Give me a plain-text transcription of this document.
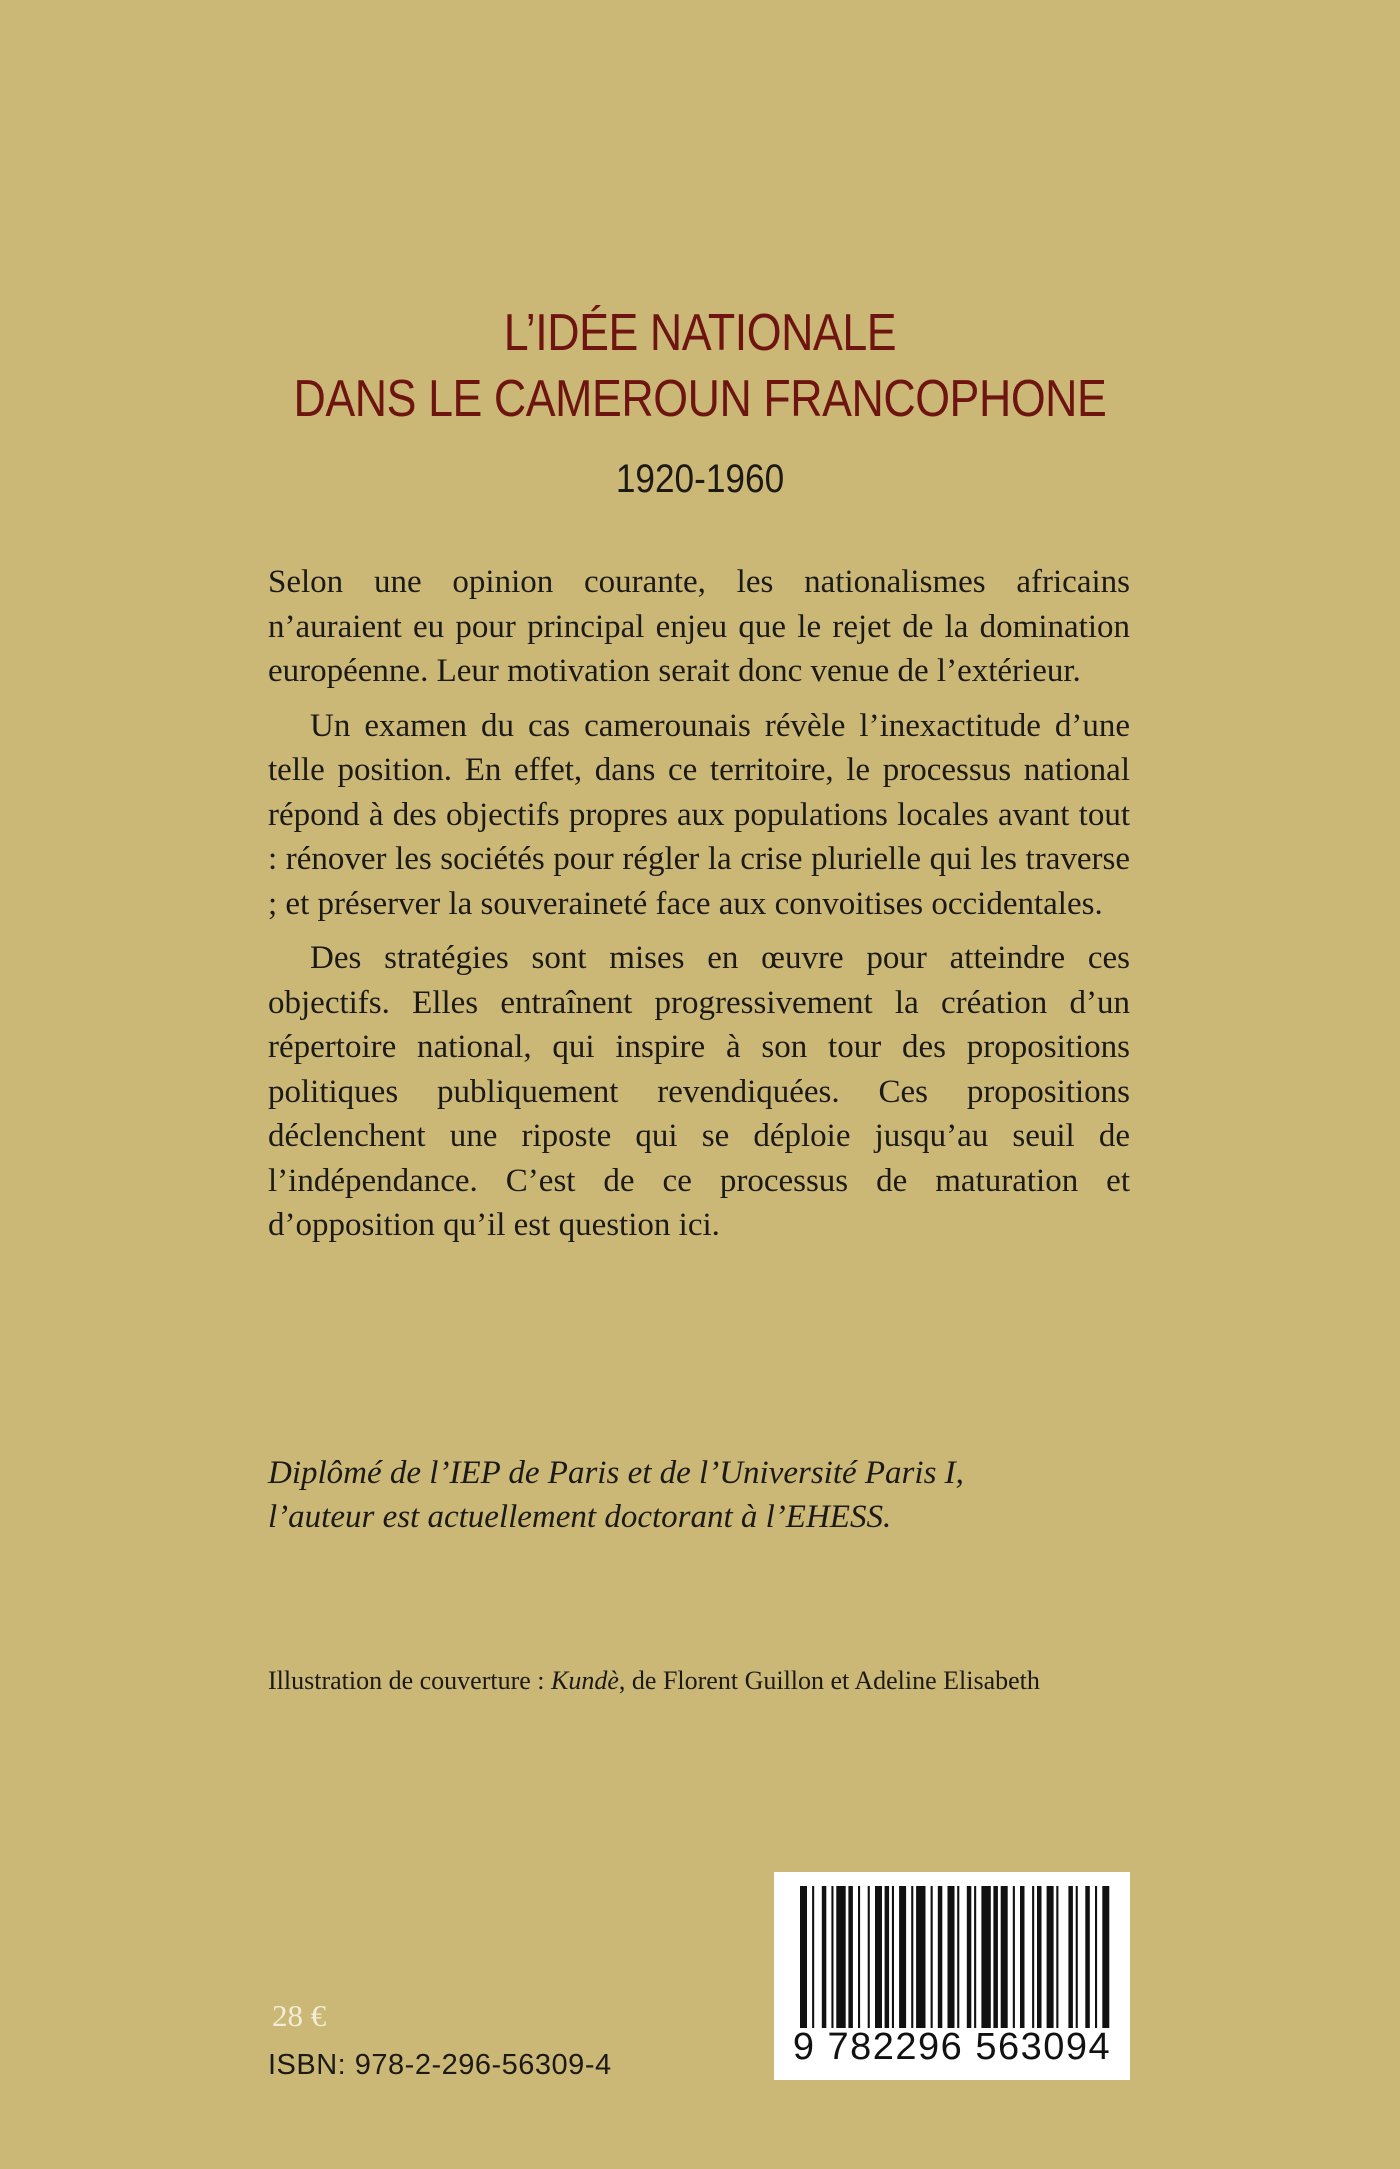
L’IDÉE NATIONALE
DANS LE CAMEROUN FRANCOPHONE
1920-1960

Selon une opinion courante, les nationalismes africains n’auraient eu pour principal enjeu que le rejet de la domination européenne. Leur motivation serait donc venue de l’extérieur.

Un examen du cas camerounais révèle l’inexactitude d’une telle position. En effet, dans ce territoire, le processus national répond à des objectifs propres aux populations locales avant tout : rénover les sociétés pour régler la crise plurielle qui les traverse ; et préserver la souveraineté face aux convoitises occidentales.

Des stratégies sont mises en œuvre pour atteindre ces objectifs. Elles entraînent progressivement la création d’un répertoire national, qui inspire à son tour des propositions politiques publiquement revendiquées. Ces propositions déclenchent une riposte qui se déploie jusqu’au seuil de l’indépendance. C’est de ce processus de maturation et d’opposition qu’il est question ici.

Diplômé de l’IEP de Paris et de l’Université Paris I,
l’auteur est actuellement doctorant à l’EHESS.
Illustration de couverture : Kundè, de Florent Guillon et Adeline Elisabeth
28 €
ISBN: 978-2-296-56309-4	9 782296 563094
